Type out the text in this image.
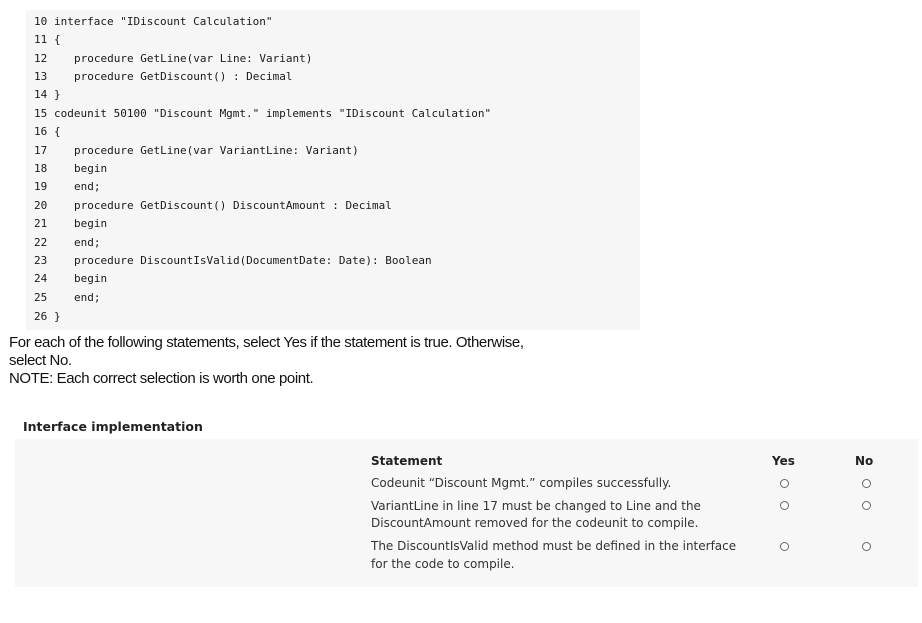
10 interface "IDiscount Calculation"
11 {
12 procedure GetLine(var Line: Variant)
13 procedure GetDiscount() : Decimal
14 }
15 codeunit 50100 "Discount Mgmt." implements "IDiscount Calculation"
16 {
17 procedure GetLine(var VariantLine: Variant)
18 begin
19 end;
20 procedure GetDiscount() DiscountAmount : Decimal
21 begin
22 end;
23 procedure DiscountIsValid(DocumentDate: Date): Boolean
24 begin
25 end;
26 }
For each of the following statements, select Yes if the statement is true. Otherwise,
select No.
NOTE: Each correct selection is worth one point.
Interface implementation
Statement	Yes	No
Codeunit “Discount Mgmt.” compiles successfully.
VariantLine in line 17 must be changed to Line and the
DiscountAmount removed for the codeunit to compile.
The DiscountIsValid method must be defined in the interface
for the code to compile.
